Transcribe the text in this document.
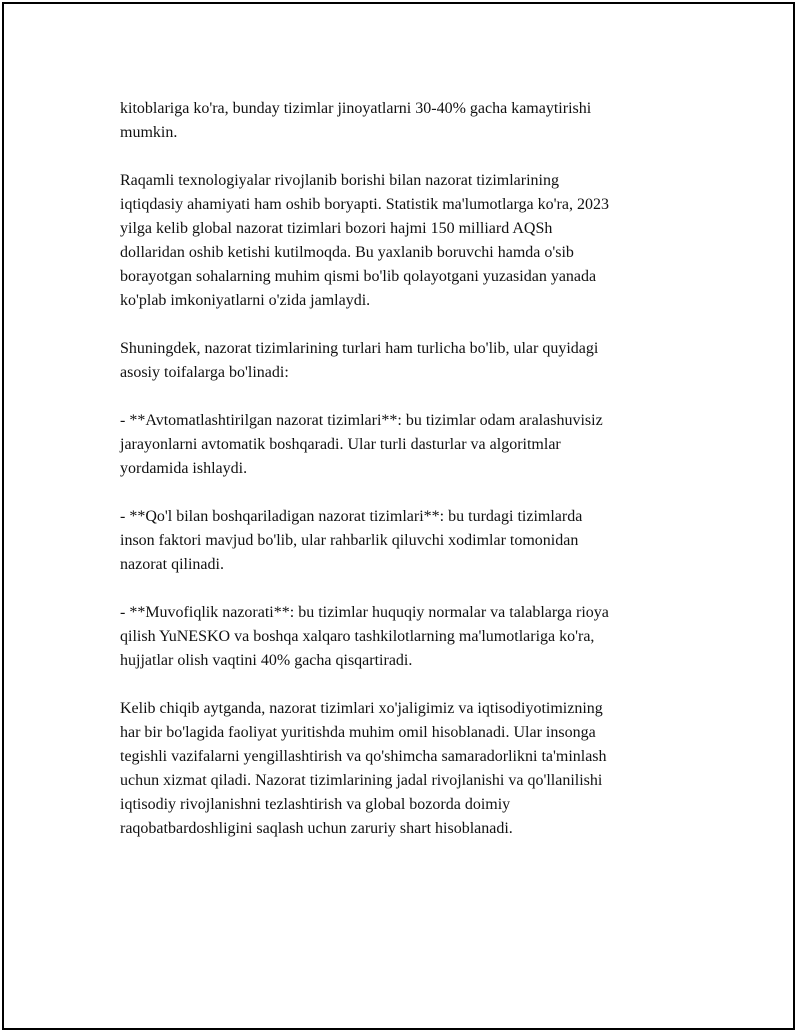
kitoblariga ko'ra, bunday tizimlar jinoyatlarni 30-40% gacha kamaytirishi
mumkin.

Raqamli texnologiyalar rivojlanib borishi bilan nazorat tizimlarining
iqtiqdasiy ahamiyati ham oshib boryapti. Statistik ma'lumotlarga ko'ra, 2023
yilga kelib global nazorat tizimlari bozori hajmi 150 milliard AQSh
dollaridan oshib ketishi kutilmoqda. Bu yaxlanib boruvchi hamda o'sib
borayotgan sohalarning muhim qismi bo'lib qolayotgani yuzasidan yanada
ko'plab imkoniyatlarni o'zida jamlaydi.

Shuningdek, nazorat tizimlarining turlari ham turlicha bo'lib, ular quyidagi
asosiy toifalarga bo'linadi:

- **Avtomatlashtirilgan nazorat tizimlari**: bu tizimlar odam aralashuvisiz
jarayonlarni avtomatik boshqaradi. Ular turli dasturlar va algoritmlar
yordamida ishlaydi.

- **Qo'l bilan boshqariladigan nazorat tizimlari**: bu turdagi tizimlarda
inson faktori mavjud bo'lib, ular rahbarlik qiluvchi xodimlar tomonidan
nazorat qilinadi.

- **Muvofiqlik nazorati**: bu tizimlar huquqiy normalar va talablarga rioya
qilish YuNESKO va boshqa xalqaro tashkilotlarning ma'lumotlariga ko'ra,
hujjatlar olish vaqtini 40% gacha qisqartiradi.

Kelib chiqib aytganda, nazorat tizimlari xo'jaligimiz va iqtisodiyotimizning
har bir bo'lagida faoliyat yuritishda muhim omil hisoblanadi. Ular insonga
tegishli vazifalarni yengillashtirish va qo'shimcha samaradorlikni ta'minlash
uchun xizmat qiladi. Nazorat tizimlarining jadal rivojlanishi va qo'llanilishi
iqtisodiy rivojlanishni tezlashtirish va global bozorda doimiy
raqobatbardoshligini saqlash uchun zaruriy shart hisoblanadi.
